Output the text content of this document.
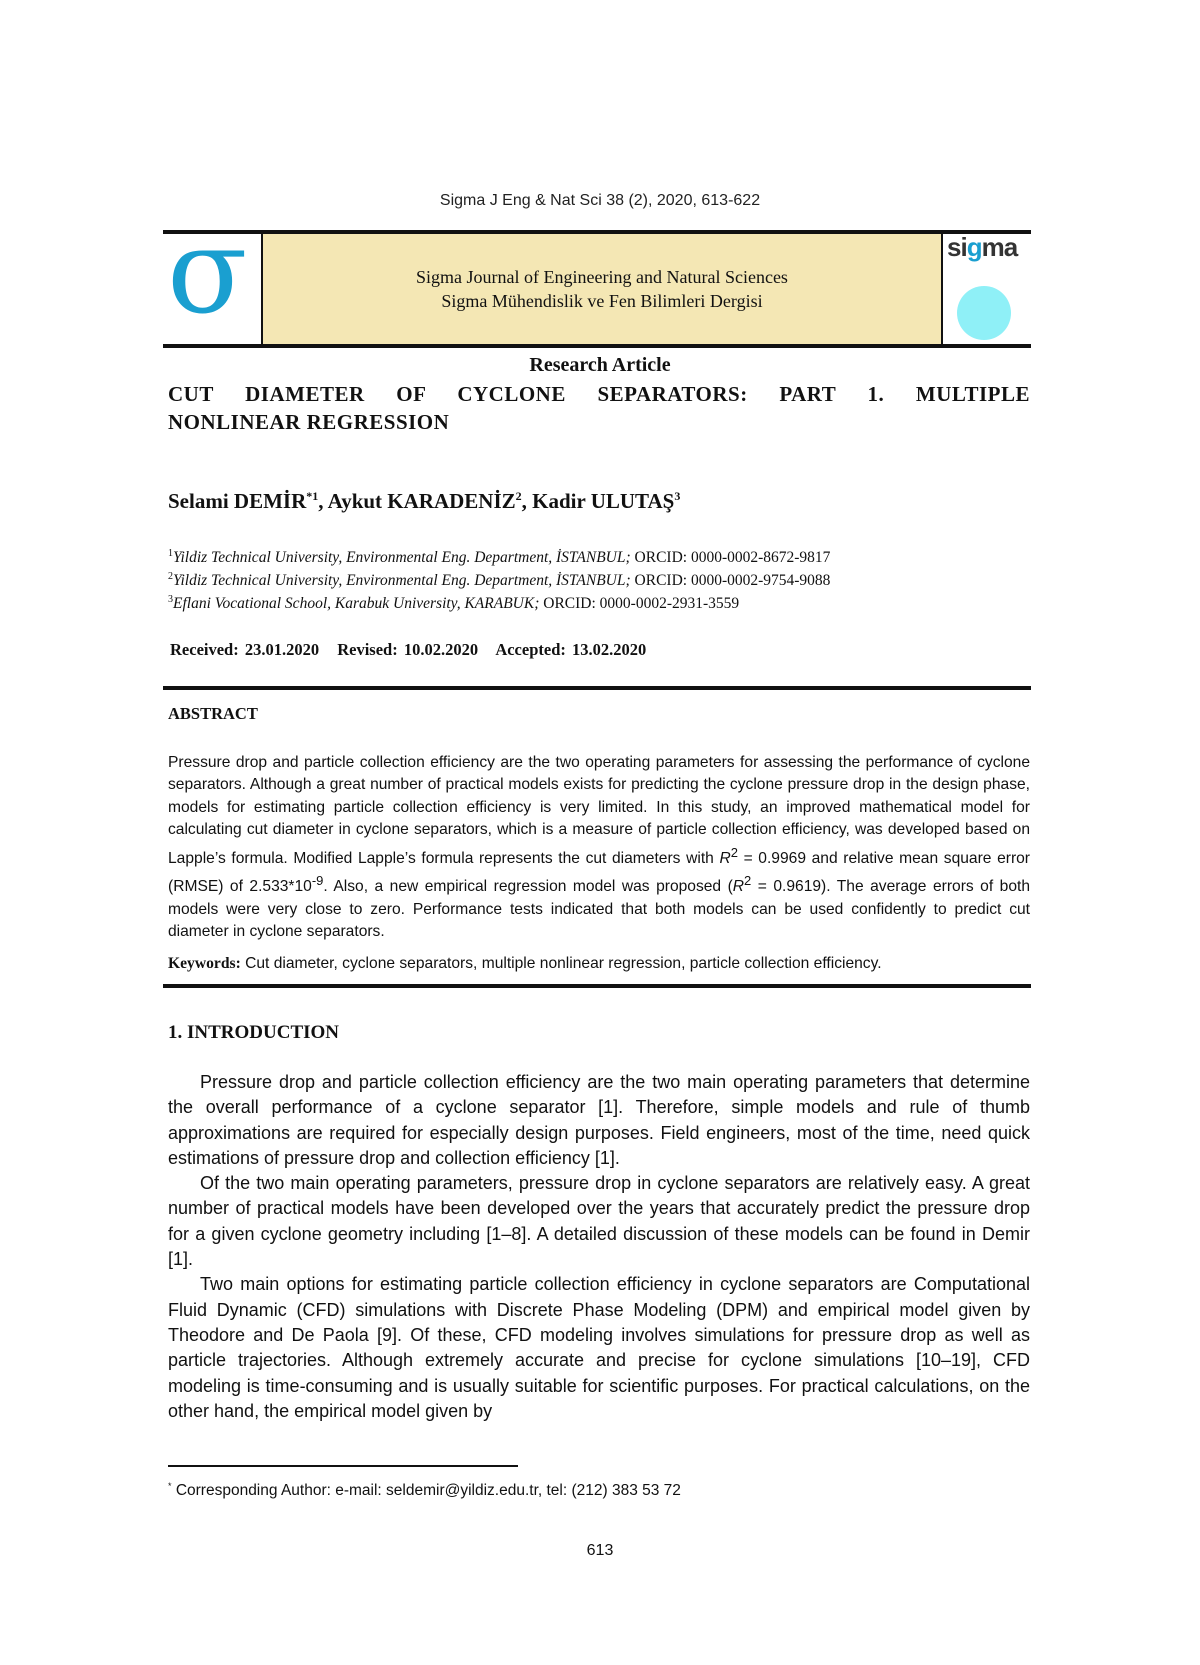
Sigma J Eng & Nat Sci 38 (2), 2020, 613-622
σ	Sigma Journal of Engineering and Natural Sciences
Sigma Mühendislik ve Fen Bilimleri Dergisi
sigma
Research Article
CUT DIAMETER OF CYCLONE SEPARATORS: PART 1. MULTIPLE
NONLINEAR REGRESSION
Selami DEMİR$^{*1}$, Aykut KARADENİZ$^2$, Kadir ULUTAŞ$^3$
$^1$Yildiz Technical University, Environmental Eng. Department, İSTANBUL; ORCID: 0000-0002-8672-9817
$^2$Yildiz Technical University, Environmental Eng. Department, İSTANBUL; ORCID: 0000-0002-9754-9088
$^3$Eflani Vocational School, Karabuk University, KARABUK; ORCID: 0000-0002-2931-3559
Received: 23.01.2020 Revised: 10.02.2020 Accepted: 13.02.2020
ABSTRACT
Pressure drop and particle collection efficiency are the two operating parameters for assessing the performance of cyclone separators. Although a great number of practical models exists for predicting the cyclone pressure drop in the design phase, models for estimating particle collection efficiency is very limited. In this study, an improved mathematical model for calculating cut diameter in cyclone separators, which is a measure of particle collection efficiency, was developed based on Lapple’s formula. Modified Lapple’s formula represents the cut diameters with $R^2 = 0.9969$ and relative mean square error (RMSE) of $2.533*10^{-9}$. Also, a new empirical regression model was proposed $(R^2 = 0.9619)$. The average errors of both models were very close to zero. Performance tests indicated that both models can be used confidently to predict cut diameter in cyclone separators.
Keywords: Cut diameter, cyclone separators, multiple nonlinear regression, particle collection efficiency.
1. INTRODUCTION

Pressure drop and particle collection efficiency are the two main operating parameters that determine the overall performance of a cyclone separator [1]. Therefore, simple models and rule of thumb approximations are required for especially design purposes. Field engineers, most of the time, need quick estimations of pressure drop and collection efficiency [1].

Of the two main operating parameters, pressure drop in cyclone separators are relatively easy. A great number of practical models have been developed over the years that accurately predict the pressure drop for a given cyclone geometry including [1–8]. A detailed discussion of these models can be found in Demir [1].

Two main options for estimating particle collection efficiency in cyclone separators are Computational Fluid Dynamic (CFD) simulations with Discrete Phase Modeling (DPM) and empirical model given by Theodore and De Paola [9]. Of these, CFD modeling involves simulations for pressure drop as well as particle trajectories. Although extremely accurate and precise for cyclone simulations [10–19], CFD modeling is time-consuming and is usually suitable for scientific purposes. For practical calculations, on the other hand, the empirical model given by

* Corresponding Author: e-mail: seldemir@yildiz.edu.tr, tel: (212) 383 53 72
613
